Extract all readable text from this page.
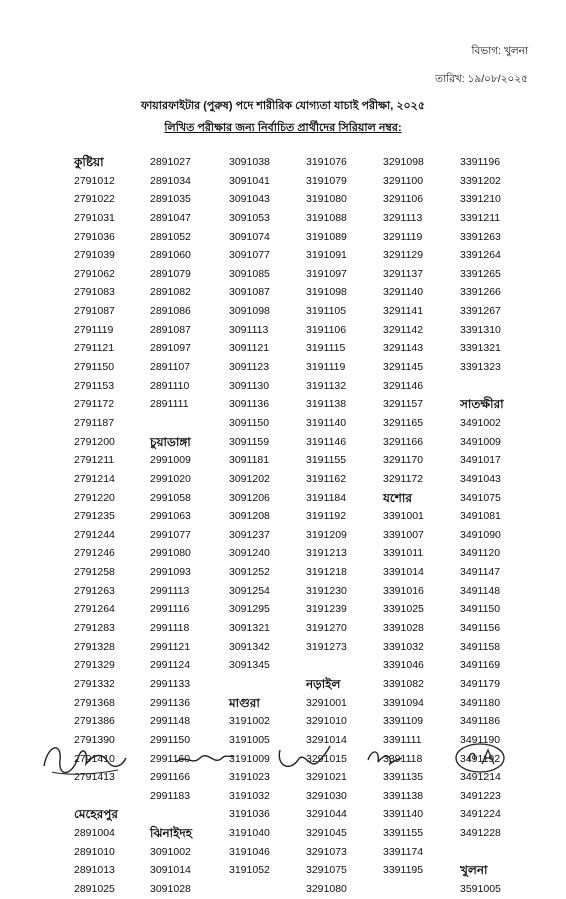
বিভাগ: খুলনা
তারিখ: ১৯/০৮/২০২৫
ফায়ারফাইটার (পুরুষ) পদে শারীরিক যোগ্যতা যাচাই পরীক্ষা, ২০২৫
লিখিত পরীক্ষার জন্য নির্বাচিত প্রার্থীদের সিরিয়াল নম্বর:
কুষ্টিয়া
2791012
2791022
2791031
2791036
2791039
2791062
2791083
2791087
2791119
2791121
2791150
2791153
2791172
2791187
2791200
2791211
2791214
2791220
2791235
2791244
2791246
2791258
2791263
2791264
2791283
2791328
2791329
2791332
2791368
2791386
2791390
2791410
2791413
মেহেরপুর
2891004
2891010
2891013
2891025
2891027
2891034
2891035
2891047
2891052
2891060
2891079
2891082
2891086
2891087
2891097
2891107
2891110
2891111
চুয়াডাঙ্গা
2991009
2991020
2991058
2991063
2991077
2991080
2991093
2991113
2991116
2991118
2991121
2991124
2991133
2991136
2991148
2991150
2991160
2991166
2991183
ঝিনাইদহ
3091002
3091014
3091028
3091038
3091041
3091043
3091053
3091074
3091077
3091085
3091087
3091098
3091113
3091121
3091123
3091130
3091136
3091150
3091159
3091181
3091202
3091206
3091208
3091237
3091240
3091252
3091254
3091295
3091321
3091342
3091345
মাগুরা
3191002
3191005
3191009
3191023
3191032
3191036
3191040
3191046
3191052
3191076
3191079
3191080
3191088
3191089
3191091
3191097
3191098
3191105
3191106
3191115
3191119
3191132
3191138
3191140
3191146
3191155
3191162
3191184
3191192
3191209
3191213
3191218
3191230
3191239
3191270
3191273
নড়াইল
3291001
3291010
3291014
3291015
3291021
3291030
3291044
3291045
3291073
3291075
3291080
3291098
3291100
3291106
3291113
3291119
3291129
3291137
3291140
3291141
3291142
3291143
3291145
3291146
3291157
3291165
3291166
3291170
3291172
যশোর
3391001
3391007
3391011
3391014
3391016
3391025
3391028
3391032
3391046
3391082
3391094
3391109
3391111
3391118
3391135
3391138
3391140
3391155
3391174
3391195
3391196
3391202
3391210
3391211
3391263
3391264
3391265
3391266
3391267
3391310
3391321
3391323
সাতক্ষীরা
3491002
3491009
3491017
3491043
3491075
3491081
3491090
3491120
3491147
3491148
3491150
3491156
3491158
3491169
3491179
3491180
3491186
3491190
3491192
3491214
3491223
3491224
3491228
খুলনা
3591005
